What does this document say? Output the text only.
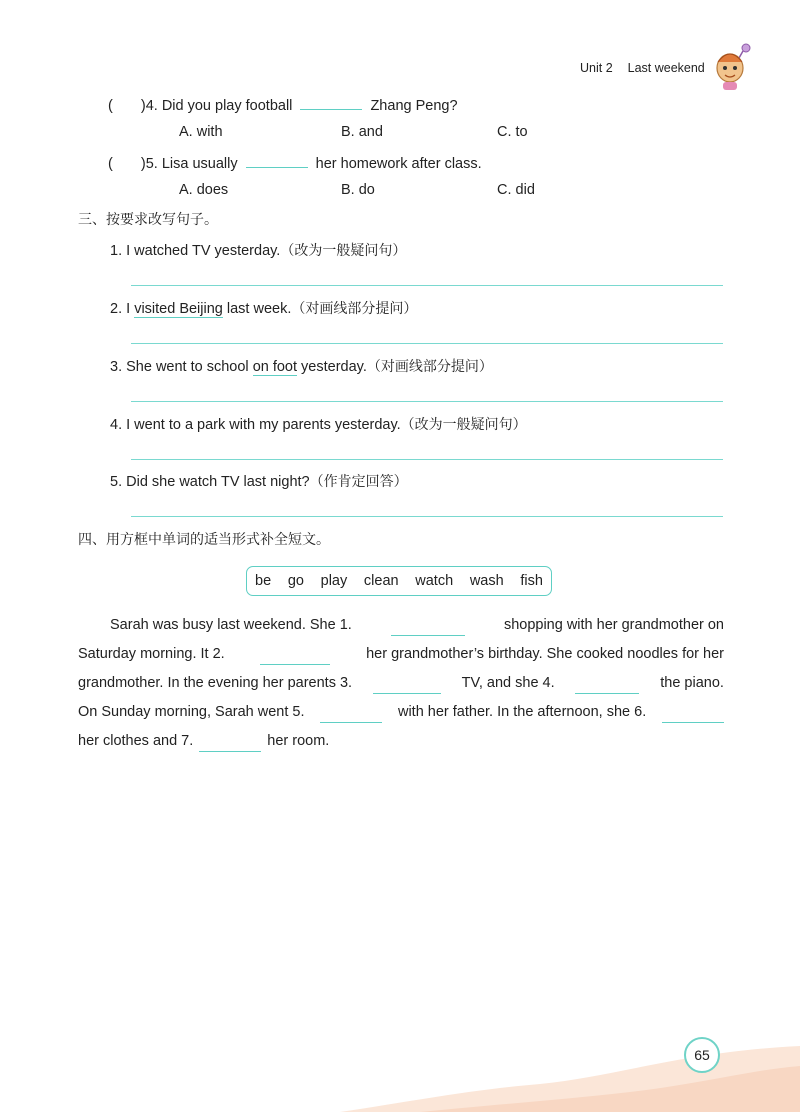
Unit 2 Last weekend
( )4. Did you play football	Zhang Peng?
A. with	B. and	C. to
( )5. Lisa usually	her homework after class.
A. does	B. do	C. did
三、按要求改写句子。
1. I watched TV yesterday.（改为一般疑问句）
2. I visited Beijing last week.（对画线部分提问）
3. She went to school on foot yesterday.（对画线部分提问）
4. I went to a park with my parents yesterday.（改为一般疑问句）
5. Did she watch TV last night?（作肯定回答）
四、用方框中单词的适当形式补全短文。
be go play clean watch wash fish
Sarah was busy last weekend. She 1.	shopping with her grandmother on
Saturday morning. It 2.	her grandmother’s birthday. She cooked noodles for her
grandmother. In the evening her parents 3.	TV, and she 4.	the piano.
On Sunday morning, Sarah went 5.	with her father. In the afternoon, she 6.
her clothes and 7.	her room.
65
